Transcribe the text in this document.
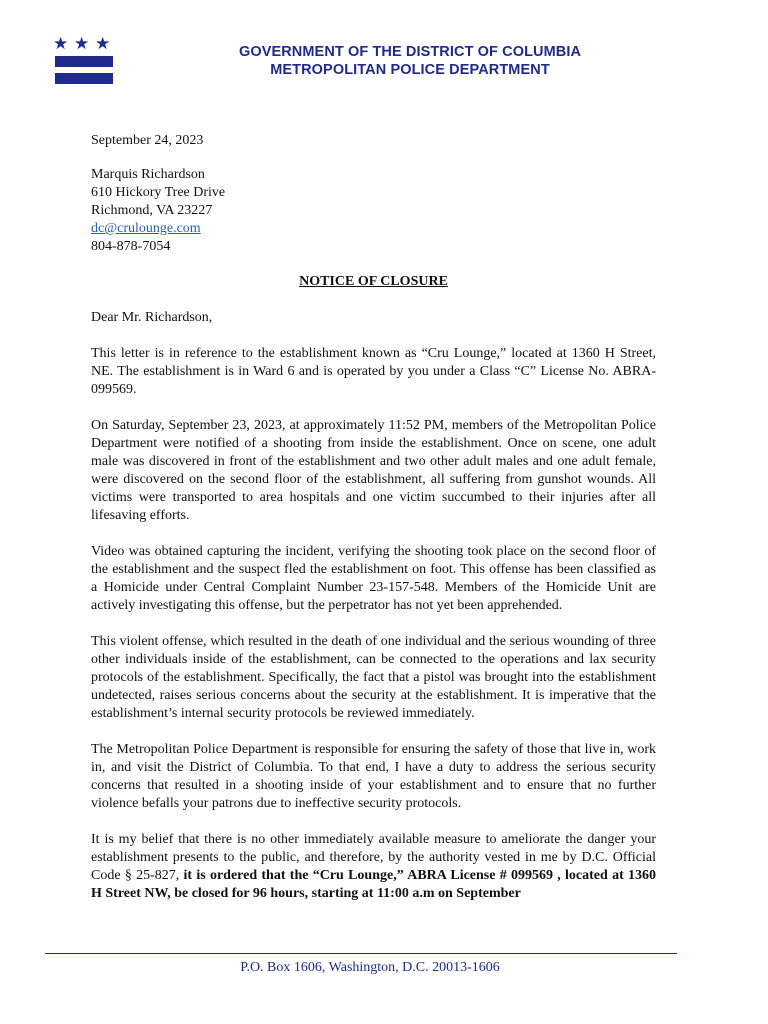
★ ★ ★	GOVERNMENT OF THE DISTRICT OF COLUMBIA
METROPOLITAN POLICE DEPARTMENT

September 24, 2023

Marquis Richardson
610 Hickory Tree Drive
Richmond, VA 23227
dc@crulounge.com
804-878-7054

NOTICE OF CLOSURE

Dear Mr. Richardson,

This letter is in reference to the establishment known as “Cru Lounge,” located at 1360 H Street, NE. The establishment is in Ward 6 and is operated by you under a Class “C” License No. ABRA-099569.

On Saturday, September 23, 2023, at approximately 11:52 PM, members of the Metropolitan Police Department were notified of a shooting from inside the establishment. Once on scene, one adult male was discovered in front of the establishment and two other adult males and one adult female, were discovered on the second floor of the establishment, all suffering from gunshot wounds. All victims were transported to area hospitals and one victim succumbed to their injuries after all lifesaving efforts.

Video was obtained capturing the incident, verifying the shooting took place on the second floor of the establishment and the suspect fled the establishment on foot. This offense has been classified as a Homicide under Central Complaint Number 23-157-548. Members of the Homicide Unit are actively investigating this offense, but the perpetrator has not yet been apprehended.

This violent offense, which resulted in the death of one individual and the serious wounding of three other individuals inside of the establishment, can be connected to the operations and lax security protocols of the establishment. Specifically, the fact that a pistol was brought into the establishment undetected, raises serious concerns about the security at the establishment. It is imperative that the establishment’s internal security protocols be reviewed immediately.

The Metropolitan Police Department is responsible for ensuring the safety of those that live in, work in, and visit the District of Columbia. To that end, I have a duty to address the serious security concerns that resulted in a shooting inside of your establishment and to ensure that no further violence befalls your patrons due to ineffective security protocols.

It is my belief that there is no other immediately available measure to ameliorate the danger your establishment presents to the public, and therefore, by the authority vested in me by D.C. Official Code § 25-827, it is ordered that the “Cru Lounge,” ABRA License # 099569 , located at 1360 H Street NW, be closed for 96 hours, starting at 11:00 a.m on September

P.O. Box 1606, Washington, D.C. 20013-1606
